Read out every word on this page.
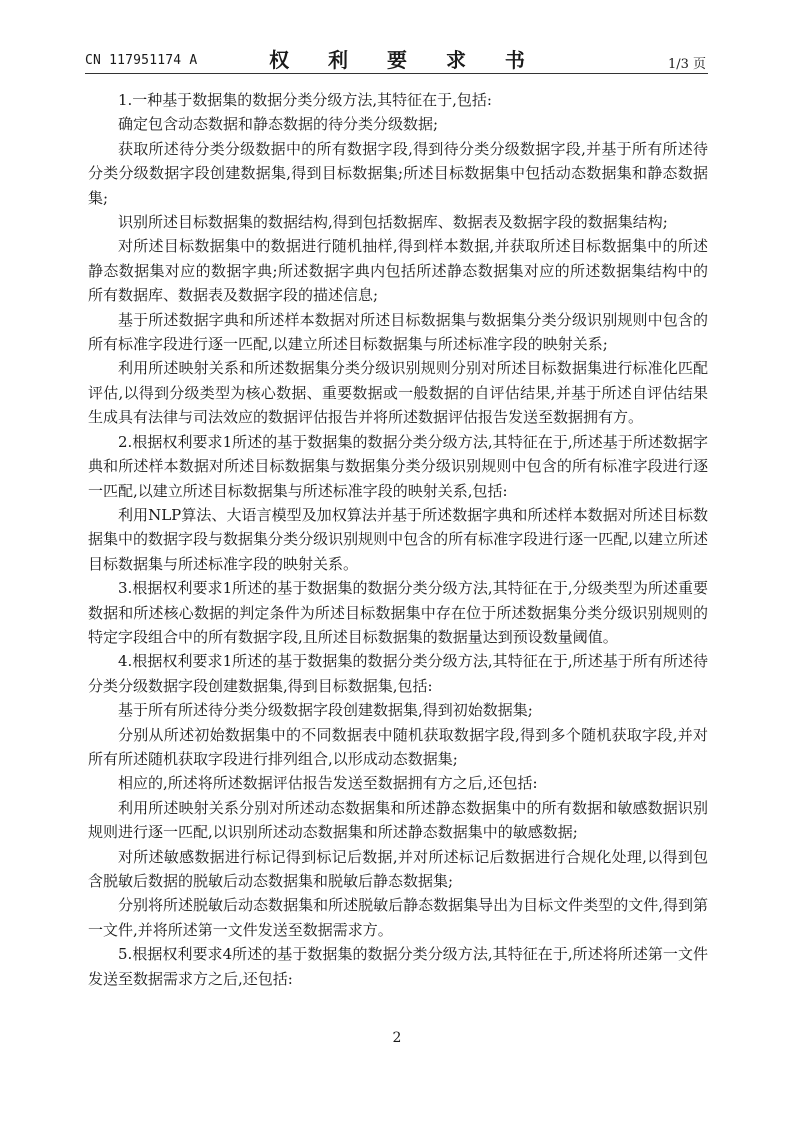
CN 117951174 A	权 利 要 求 书	1/3 页

1.一种基于数据集的数据分类分级方法,其特征在于,包括:

确定包含动态数据和静态数据的待分类分级数据;

获取所述待分类分级数据中的所有数据字段,得到待分类分级数据字段,并基于所有所述待分类分级数据字段创建数据集,得到目标数据集;所述目标数据集中包括动态数据集和静态数据集;

识别所述目标数据集的数据结构,得到包括数据库、数据表及数据字段的数据集结构;

对所述目标数据集中的数据进行随机抽样,得到样本数据,并获取所述目标数据集中的所述静态数据集对应的数据字典;所述数据字典内包括所述静态数据集对应的所述数据集结构中的所有数据库、数据表及数据字段的描述信息;

基于所述数据字典和所述样本数据对所述目标数据集与数据集分类分级识别规则中包含的所有标准字段进行逐一匹配,以建立所述目标数据集与所述标准字段的映射关系;

利用所述映射关系和所述数据集分类分级识别规则分别对所述目标数据集进行标准化匹配评估,以得到分级类型为核心数据、重要数据或一般数据的自评估结果,并基于所述自评估结果生成具有法律与司法效应的数据评估报告并将所述数据评估报告发送至数据拥有方。

2.根据权利要求1所述的基于数据集的数据分类分级方法,其特征在于,所述基于所述数据字典和所述样本数据对所述目标数据集与数据集分类分级识别规则中包含的所有标准字段进行逐一匹配,以建立所述目标数据集与所述标准字段的映射关系,包括:

利用NLP算法、大语言模型及加权算法并基于所述数据字典和所述样本数据对所述目标数据集中的数据字段与数据集分类分级识别规则中包含的所有标准字段进行逐一匹配,以建立所述目标数据集与所述标准字段的映射关系。

3.根据权利要求1所述的基于数据集的数据分类分级方法,其特征在于,分级类型为所述重要数据和所述核心数据的判定条件为所述目标数据集中存在位于所述数据集分类分级识别规则的特定字段组合中的所有数据字段,且所述目标数据集的数据量达到预设数量阈值。

4.根据权利要求1所述的基于数据集的数据分类分级方法,其特征在于,所述基于所有所述待分类分级数据字段创建数据集,得到目标数据集,包括:

基于所有所述待分类分级数据字段创建数据集,得到初始数据集;

分别从所述初始数据集中的不同数据表中随机获取数据字段,得到多个随机获取字段,并对所有所述随机获取字段进行排列组合,以形成动态数据集;

相应的,所述将所述数据评估报告发送至数据拥有方之后,还包括:

利用所述映射关系分别对所述动态数据集和所述静态数据集中的所有数据和敏感数据识别规则进行逐一匹配,以识别所述动态数据集和所述静态数据集中的敏感数据;

对所述敏感数据进行标记得到标记后数据,并对所述标记后数据进行合规化处理,以得到包含脱敏后数据的脱敏后动态数据集和脱敏后静态数据集;

分别将所述脱敏后动态数据集和所述脱敏后静态数据集导出为目标文件类型的文件,得到第一文件,并将所述第一文件发送至数据需求方。

5.根据权利要求4所述的基于数据集的数据分类分级方法,其特征在于,所述将所述第一文件发送至数据需求方之后,还包括:

2
